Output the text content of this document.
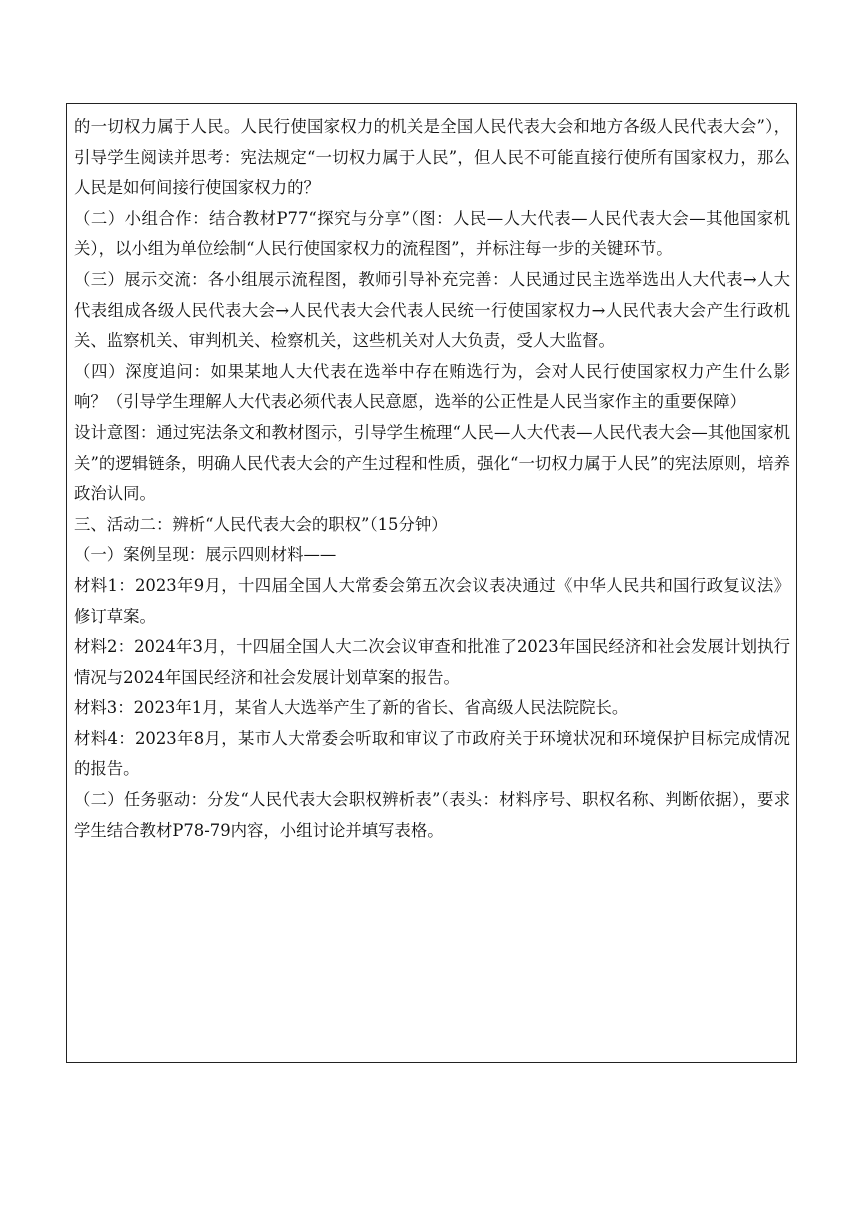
的一切权力属于人民。人民行使国家权力的机关是全国人民代表大会和地方各级人民代表大会”），引导学生阅读并思考：宪法规定“一切权力属于人民”，但人民不可能直接行使所有国家权力，那么人民是如何间接行使国家权力的？

（二）小组合作：结合教材P77“探究与分享”（图：人民—人大代表—人民代表大会—其他国家机关），以小组为单位绘制“人民行使国家权力的流程图”，并标注每一步的关键环节。

（三）展示交流：各小组展示流程图，教师引导补充完善：人民通过民主选举选出人大代表→人大代表组成各级人民代表大会→人民代表大会代表人民统一行使国家权力→人民代表大会产生行政机关、监察机关、审判机关、检察机关，这些机关对人大负责，受人大监督。

（四）深度追问：如果某地人大代表在选举中存在贿选行为，会对人民行使国家权力产生什么影响？（引导学生理解人大代表必须代表人民意愿，选举的公正性是人民当家作主的重要保障）

设计意图：通过宪法条文和教材图示，引导学生梳理“人民—人大代表—人民代表大会—其他国家机关”的逻辑链条，明确人民代表大会的产生过程和性质，强化“一切权力属于人民”的宪法原则，培养政治认同。

三、活动二：辨析“人民代表大会的职权”（15分钟）

（一）案例呈现：展示四则材料——

材料1：2023年9月，十四届全国人大常委会第五次会议表决通过《中华人民共和国行政复议法》修订草案。

材料2：2024年3月，十四届全国人大二次会议审查和批准了2023年国民经济和社会发展计划执行情况与2024年国民经济和社会发展计划草案的报告。

材料3：2023年1月，某省人大选举产生了新的省长、省高级人民法院院长。

材料4：2023年8月，某市人大常委会听取和审议了市政府关于环境状况和环境保护目标完成情况的报告。

（二）任务驱动：分发“人民代表大会职权辨析表”（表头：材料序号、职权名称、判断依据），要求学生结合教材P78-79内容，小组讨论并填写表格。
